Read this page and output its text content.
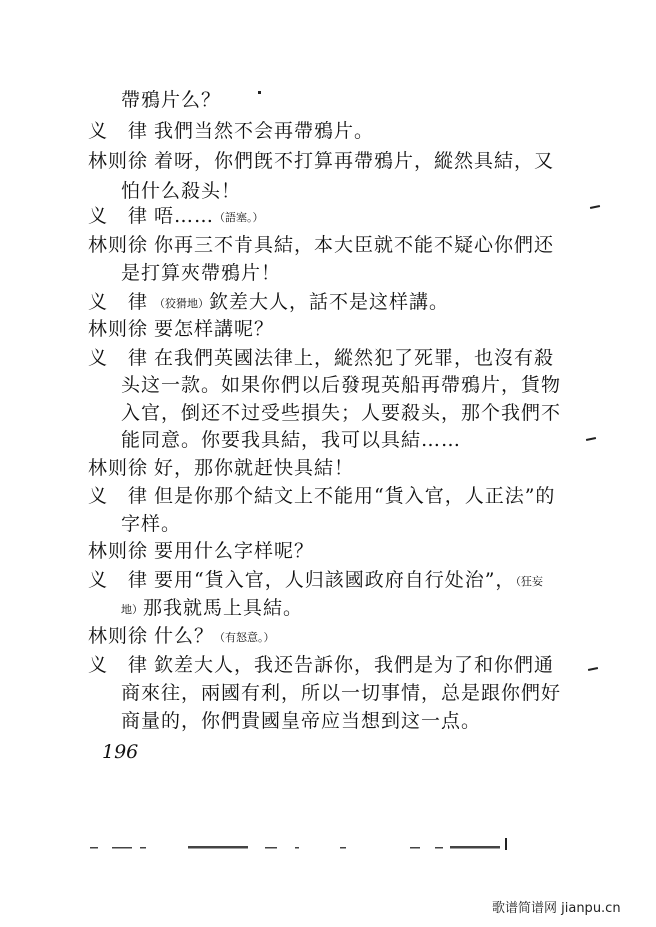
帶鴉片么？
义　律 我們当然不会再帶鴉片。
林则徐 着呀，你們旣不打算再帶鴉片，縱然具結，又
怕什么殺头！
义　律 唔……（語塞。）
林则徐 你再三不肯具結，本大臣就不能不疑心你們还
是打算夾帶鴉片！
义　律 （狡猾地）欽差大人，話不是这样講。
林则徐 要怎样講呢？
义　律 在我們英國法律上，縱然犯了死罪，也沒有殺
头这一款。如果你們以后發現英船再帶鴉片，貨物
入官，倒还不过受些損失；人要殺头，那个我們不
能同意。你要我具結，我可以具結……
林则徐 好，那你就赶快具結！
义　律 但是你那个結文上不能用“貨入官，人正法”的
字样。
林则徐 要用什么字样呢？
义　律 要用“貨入官，人归該國政府自行处治”，（狂妄
地）那我就馬上具結。
林则徐 什么？（有怒意。）
义　律 欽差大人，我还告訴你，我們是为了和你們通
商來往，兩國有利，所以一切事情，总是跟你們好
商量的，你們貴國皇帝应当想到这一点。
196
歌谱简谱网 jianpu.cn
